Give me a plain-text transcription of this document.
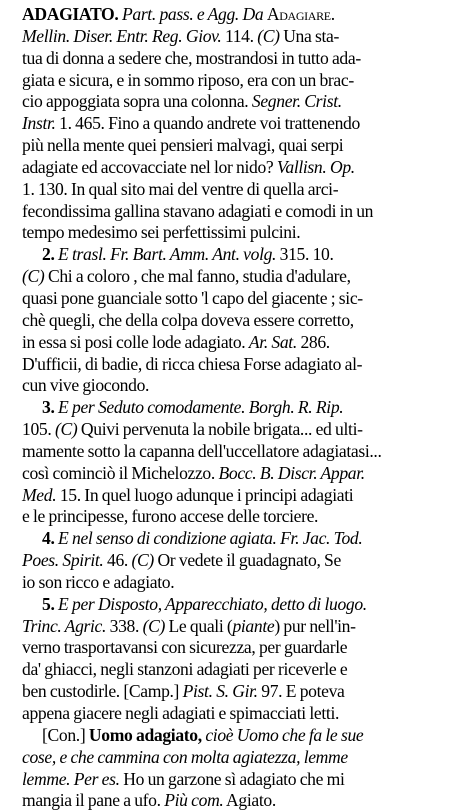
ADAGIATO. Part. pass. e Agg. Da Adagiare.
Mellin. Diser. Entr. Reg. Giov. 114. (C) Una sta-
tua di donna a sedere che, mostrandosi in tutto ada-
giata e sicura, e in sommo riposo, era con un brac-
cio appoggiata sopra una colonna. Segner. Crist.
Instr. 1. 465. Fino a quando andrete voi trattenendo
più nella mente quei pensieri malvagi, quai serpi
adagiate ed accovacciate nel lor nido? Vallisn. Op.
1. 130. In qual sito mai del ventre di quella arci-
fecondissima gallina stavano adagiati e comodi in un
tempo medesimo sei perfettissimi pulcini.
2. E trasl. Fr. Bart. Amm. Ant. volg. 315. 10.
(C) Chi a coloro , che mal fanno, studia d'adulare,
quasi pone guanciale sotto 'l capo del giacente ; sic-
chè quegli, che della colpa doveva essere corretto,
in essa si posi colle lode adagiato. Ar. Sat. 286.
D'ufficii, di badie, di ricca chiesa Forse adagiato al-
cun vive giocondo.
3. E per Seduto comodamente. Borgh. R. Rip.
105. (C) Quivi pervenuta la nobile brigata... ed ulti-
mamente sotto la capanna dell'uccellatore adagiatasi...
così cominciò il Michelozzo. Bocc. B. Discr. Appar.
Med. 15. In quel luogo adunque i principi adagiati
e le principesse, furono accese delle torciere.
4. E nel senso di condizione agiata. Fr. Jac. Tod.
Poes. Spirit. 46. (C) Or vedete il guadagnato, Se
io son ricco e adagiato.
5. E per Disposto, Apparecchiato, detto di luogo.
Trinc. Agric. 338. (C) Le quali (piante) pur nell'in-
verno trasportavansi con sicurezza, per guardarle
da' ghiacci, negli stanzoni adagiati per riceverle e
ben custodirle. [Camp.] Pist. S. Gir. 97. E poteva
appena giacere negli adagiati e spimacciati letti.
[Con.] Uomo adagiato, cioè Uomo che fa le sue
cose, e che cammina con molta agiatezza, lemme
lemme. Per es. Ho un garzone sì adagiato che mi
mangia il pane a ufo. Più com. Agiato.
